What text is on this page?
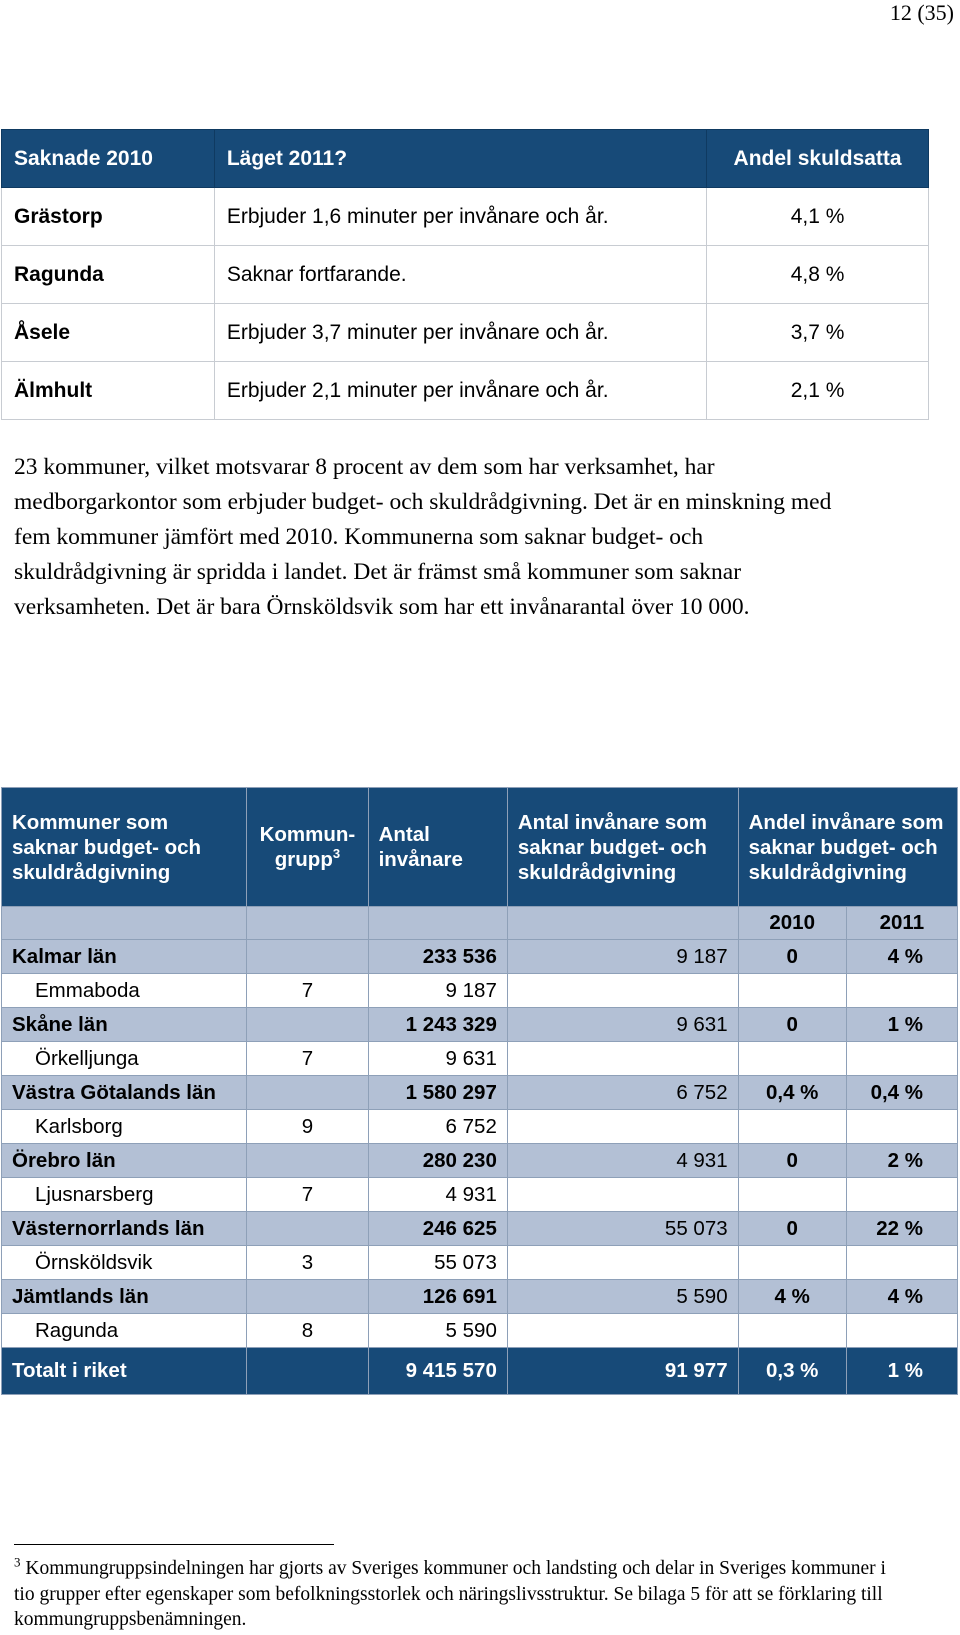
12 (35)
Saknade 2010	Läget 2011?	Andel skuldsatta
Grästorp	Erbjuder 1,6 minuter per invånare och år.	4,1 %
Ragunda	Saknar fortfarande.	4,8 %
Åsele	Erbjuder 3,7 minuter per invånare och år.	3,7 %
Älmhult	Erbjuder 2,1 minuter per invånare och år.	2,1 %

23 kommuner, vilket motsvarar 8 procent av dem som har verksamhet, har medborgarkontor som erbjuder budget- och skuldrådgivning. Det är en minskning med fem kommuner jämfört med 2010. Kommunerna som saknar budget- och skuldrådgivning är spridda i landet. Det är främst små kommuner som saknar verksamheten. Det är bara Örnsköldsvik som har ett invånarantal över 10 000.

Kommuner som saknar budget- och skuldrådgivning	Kommun-grupp$^3$	Antal invånare	Antal invånare som saknar budget- och skuldrådgivning	Andel invånare som saknar budget- och skuldrådgivning	
				2010	2011
Kalmar län		233 536	9 187	0	4 %
Emmaboda	7	9 187			
Skåne län		1 243 329	9 631	0	1 %
Örkelljunga	7	9 631			
Västra Götalands län		1 580 297	6 752	0,4 %	0,4 %
Karlsborg	9	6 752			
Örebro län		280 230	4 931	0	2 %
Ljusnarsberg	7	4 931			
Västernorrlands län		246 625	55 073	0	22 %
Örnsköldsvik	3	55 073			
Jämtlands län		126 691	5 590	4 %	4 %
Ragunda	8	5 590			
Totalt i riket		9 415 570	91 977	0,3 %	1 %

$^3$ Kommungruppsindelningen har gjorts av Sveriges kommuner och landsting och delar in Sveriges kommuner i tio grupper efter egenskaper som befolkningsstorlek och näringslivsstruktur. Se bilaga 5 för att se förklaring till kommungruppsbenämningen.
